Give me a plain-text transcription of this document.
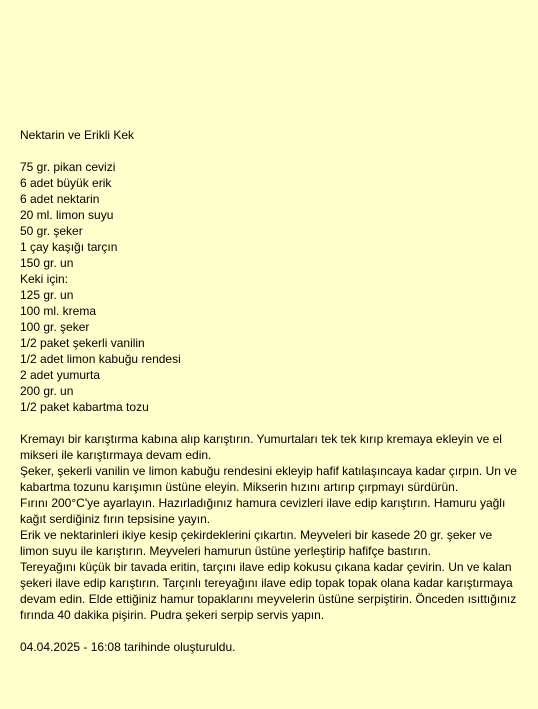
Nektarin ve Erikli Kek
75 gr. pikan cevizi
6 adet büyük erik
6 adet nektarin
20 ml. limon suyu
50 gr. şeker
1 çay kaşığı tarçın
150 gr. un
Keki için:
125 gr. un
100 ml. krema
100 gr. şeker
1/2 paket şekerli vanilin
1/2 adet limon kabuğu rendesi
2 adet yumurta
200 gr. un
1/2 paket kabartma tozu
Kremayı bir karıştırma kabına alıp karıştırın. Yumurtaları tek tek kırıp kremaya ekleyin ve el mikseri ile karıştırmaya devam edin.
Şeker, şekerli vanilin ve limon kabuğu rendesini ekleyip hafif katılaşıncaya kadar çırpın. Un ve kabartma tozunu karışımın üstüne eleyin. Mikserin hızını artırıp çırpmayı sürdürün.
Fırını 200°C'ye ayarlayın. Hazırladığınız hamura cevizleri ilave edip karıştırın. Hamuru yağlı kağıt serdiğiniz fırın tepsisine yayın.
Erik ve nektarinleri ikiye kesip çekirdeklerini çıkartın. Meyveleri bir kasede 20 gr. şeker ve limon suyu ile karıştırın. Meyveleri hamurun üstüne yerleştirip hafifçe bastırın.
Tereyağını küçük bir tavada eritin, tarçını ilave edip kokusu çıkana kadar çevirin. Un ve kalan şekeri ilave edip karıştırın. Tarçınlı tereyağını ilave edip topak topak olana kadar karıştırmaya devam edin. Elde ettiğiniz hamur topaklarını meyvelerin üstüne serpiştirin. Önceden ısıttığınız fırında 40 dakika pişirin. Pudra şekeri serpip servis yapın.

04.04.2025 - 16:08 tarihinde oluşturuldu.
